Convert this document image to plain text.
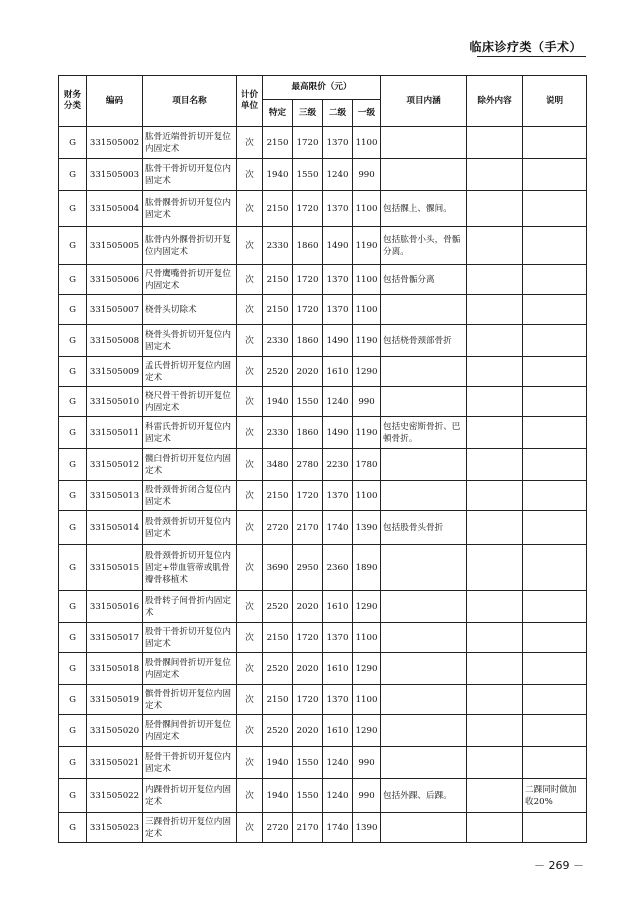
临床诊疗类（手术）
财务分类	编码	项目名称	计价单位	最高限价（元）				项目内涵	除外内容	说明
				特定	三级	二级	一级			
G	331505002	肱骨近端骨折切开复位内固定术	次	2150	1720	1370	1100			
G	331505003	肱骨干骨折切开复位内固定术	次	1940	1550	1240	990			
G	331505004	肱骨髁骨折切开复位内固定术	次	2150	1720	1370	1100	包括髁上、髁间。		
G	331505005	肱骨内外髁骨折切开复位内固定术	次	2330	1860	1490	1190	包括肱骨小头，骨骺分离。		
G	331505006	尺骨鹰嘴骨折切开复位内固定术	次	2150	1720	1370	1100	包括骨骺分离		
G	331505007	桡骨头切除术	次	2150	1720	1370	1100			
G	331505008	桡骨头骨折切开复位内固定术	次	2330	1860	1490	1190	包括桡骨颈部骨折		
G	331505009	孟氏骨折切开复位内固定术	次	2520	2020	1610	1290			
G	331505010	桡尺骨干骨折切开复位内固定术	次	1940	1550	1240	990			
G	331505011	科雷氏骨折切开复位内固定术	次	2330	1860	1490	1190	包括史密斯骨折、巴頓骨折。		
G	331505012	髋臼骨折切开复位内固定术	次	3480	2780	2230	1780			
G	331505013	股骨颈骨折闭合复位内固定术	次	2150	1720	1370	1100			
G	331505014	股骨颈骨折切开复位内固定术	次	2720	2170	1740	1390	包括股骨头骨折		
G	331505015	股骨颈骨折切开复位内固定+带血管蒂或肌骨瓣骨移植术	次	3690	2950	2360	1890			
G	331505016	股骨转子间骨折内固定术	次	2520	2020	1610	1290			
G	331505017	股骨干骨折切开复位内固定术	次	2150	1720	1370	1100			
G	331505018	股骨髁间骨折切开复位内固定术	次	2520	2020	1610	1290			
G	331505019	髌骨骨折切开复位内固定术	次	2150	1720	1370	1100			
G	331505020	胫骨髁间骨折切开复位内固定术	次	2520	2020	1610	1290			
G	331505021	胫骨干骨折切开复位内固定术	次	1940	1550	1240	990			
G	331505022	内踝骨折切开复位内固定术	次	1940	1550	1240	990	包括外踝、后踝。		二踝同时做加收20%
G	331505023	三踝骨折切开复位内固定术	次	2720	2170	1740	1390			
－ 269 －
